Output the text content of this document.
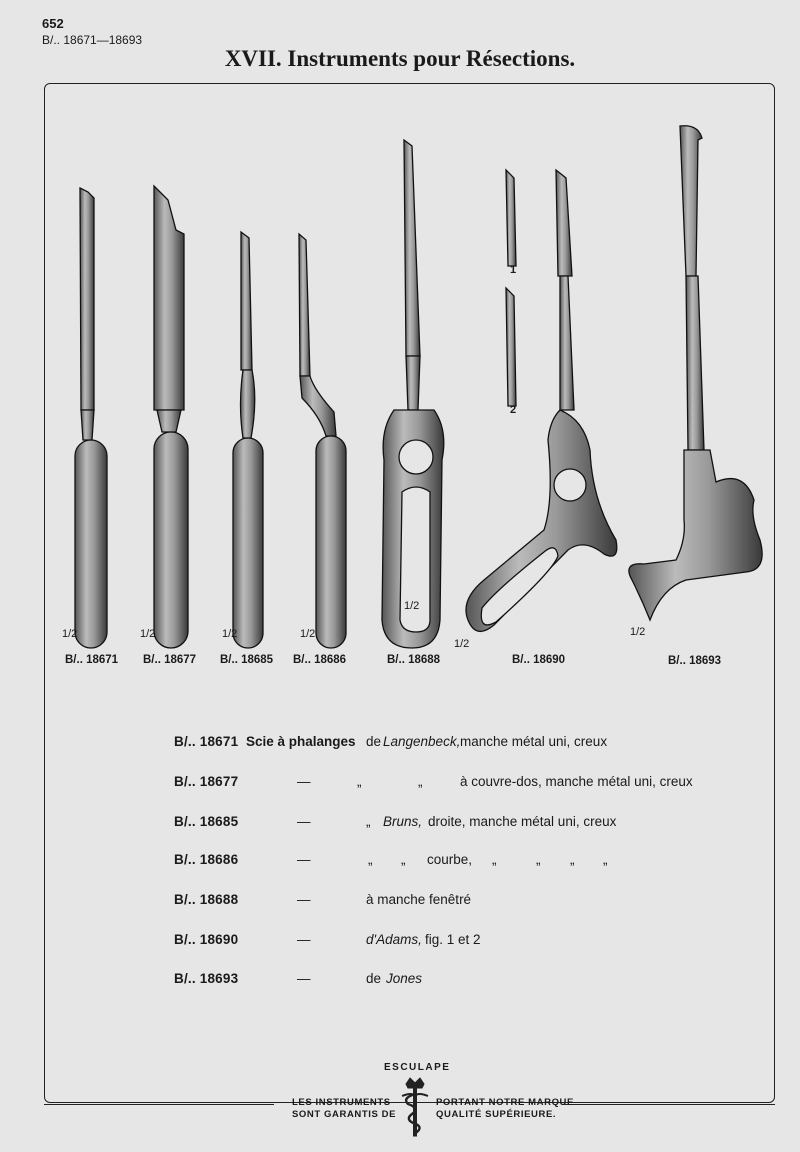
652
B/.. 18671—18693
XVII. Instruments pour Résections.
B/.. 18671 B/.. 18677 B/.. 18685 B/.. 18686	B/.. 18688	B/.. 18690	B/.. 18693
1/2	1/2	1/2	1/2
1/2
1/2
1/2
1
2
B/.. 18671 Scie à phalanges de Langenbeck, manche métal uni, creux
B/.. 18677	—	„	„	à couvre-dos, manche métal uni, creux
B/.. 18685	—	„ Bruns, droite, manche métal uni, creux
B/.. 18686	—	„ „ courbe, „	„ „ „
B/.. 18688	—	à manche fenêtré
B/.. 18690	—	d'Adams, fig. 1 et 2
B/.. 18693	—	de Jones
ESCULAPE
LES INSTRUMENTS
SONT GARANTIS DE
PORTANT NOTRE MARQUE
QUALITÉ SUPÉRIEURE.
